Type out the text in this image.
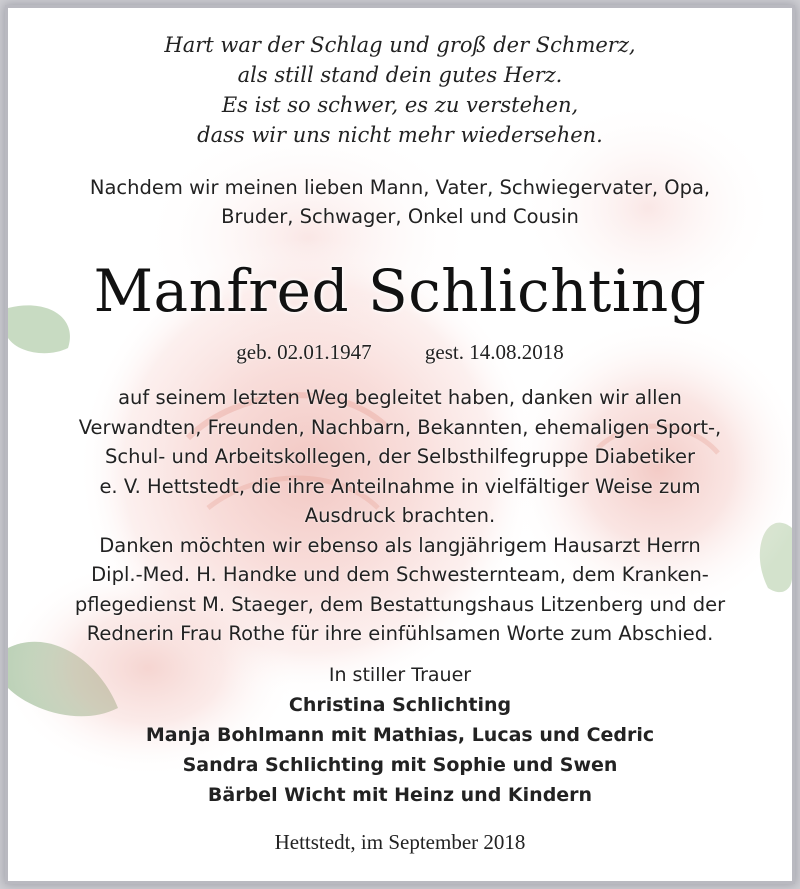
Hart war der Schlag und groß der Schmerz,
als still stand dein gutes Herz.
Es ist so schwer, es zu verstehen,
dass wir uns nicht mehr wiedersehen.
Nachdem wir meinen lieben Mann, Vater, Schwiegervater, Opa,
Bruder, Schwager, Onkel und Cousin
Manfred Schlichting
geb. 02.01.1947	gest. 14.08.2018
auf seinem letzten Weg begleitet haben, danken wir allen
Verwandten, Freunden, Nachbarn, Bekannten, ehemaligen Sport-,
Schul- und Arbeitskollegen, der Selbsthilfegruppe Diabetiker
e. V. Hettstedt, die ihre Anteilnahme in vielfältiger Weise zum
Ausdruck brachten.
Danken möchten wir ebenso als langjährigem Hausarzt Herrn
Dipl.-Med. H. Handke und dem Schwesternteam, dem Kranken-
pflegedienst M. Staeger, dem Bestattungshaus Litzenberg und der
Rednerin Frau Rothe für ihre einfühlsamen Worte zum Abschied.
In stiller Trauer
Christina Schlichting
Manja Bohlmann mit Mathias, Lucas und Cedric
Sandra Schlichting mit Sophie und Swen
Bärbel Wicht mit Heinz und Kindern
Hettstedt, im September 2018
